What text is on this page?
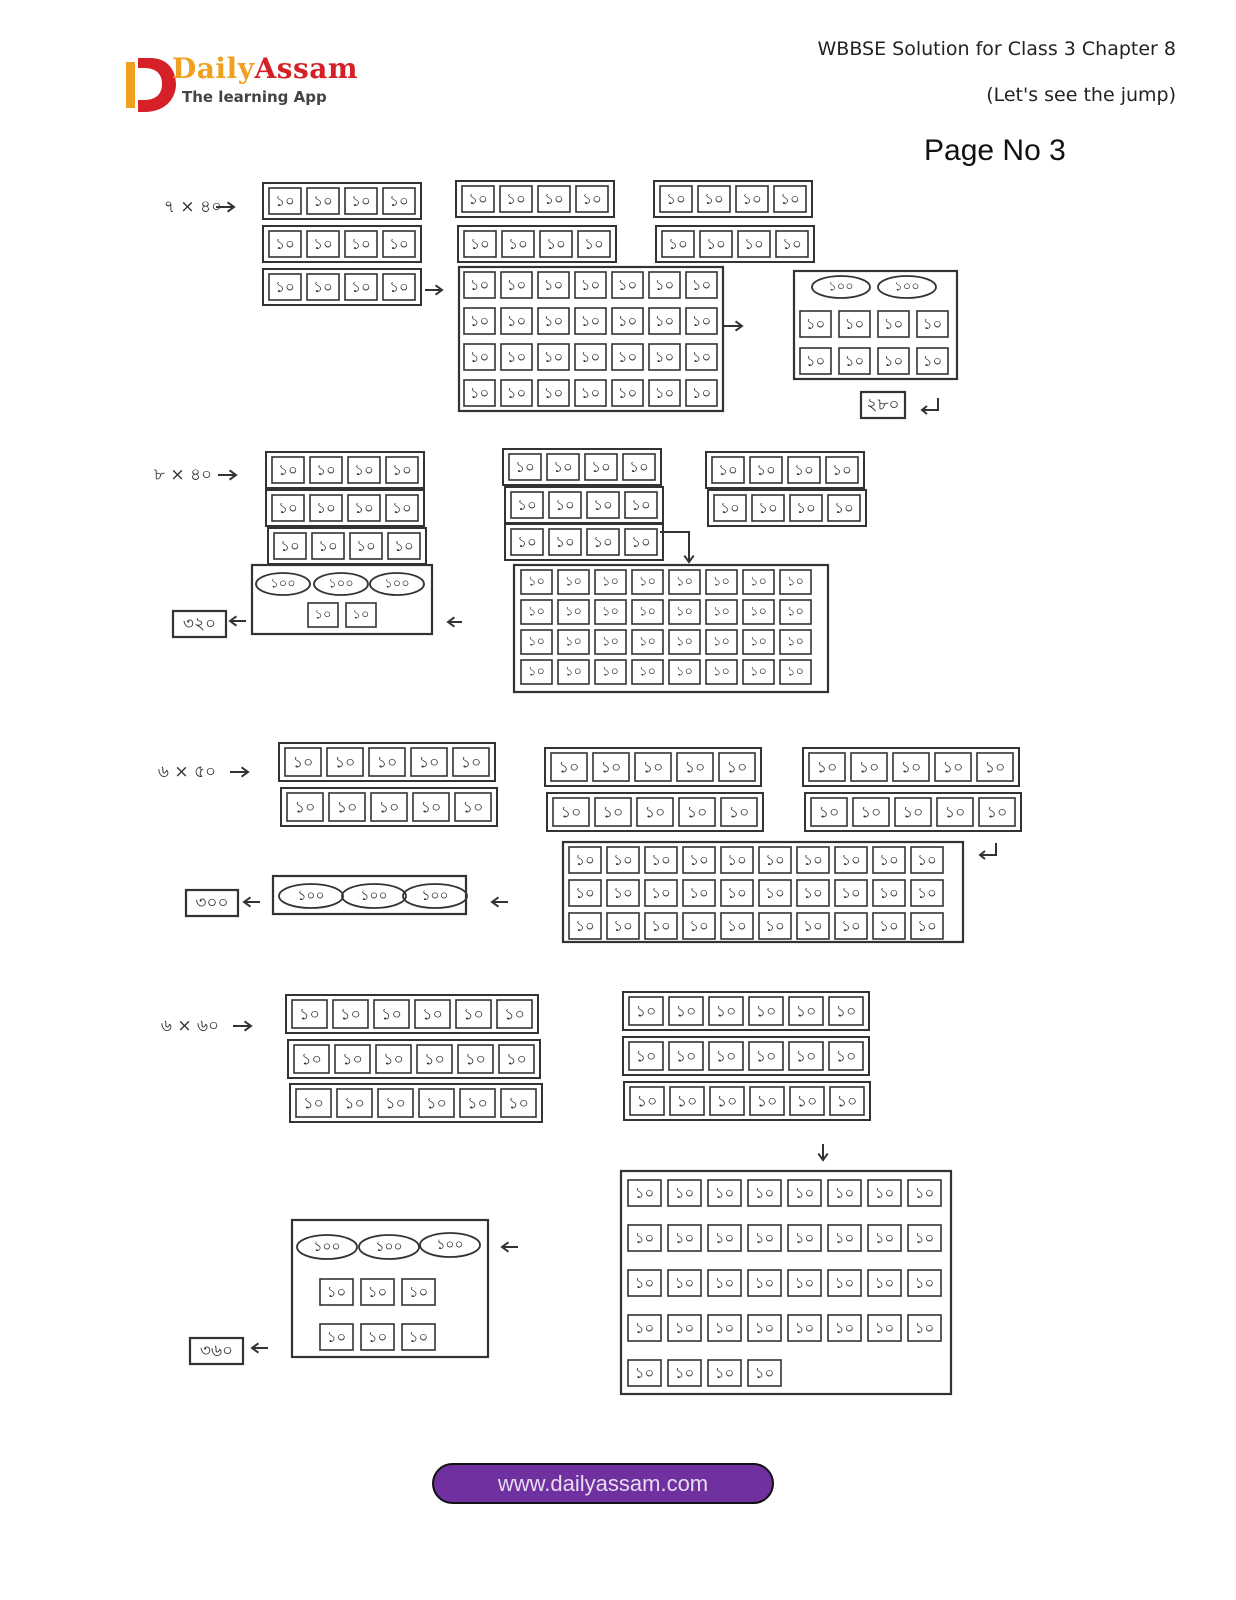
DailyAssam
The learning App
WBBSE Solution for Class 3 Chapter 8
(Let's see the jump)
Page No 3
৭ × ৪০	১০ ১০ ১০ ১০
১০ ১০ ১০ ১০
১০ ১০ ১০ ১০
১০ ১০ ১০ ১০
১০ ১০ ১০ ১০
১০ ১০ ১০ ১০
১০ ১০ ১০ ১০
১০ ১০ ১০ ১০ ১০ ১০ ১০
১০ ১০ ১০ ১০ ১০ ১০ ১০
১০ ১০ ১০ ১০ ১০ ১০ ১০
১০ ১০ ১০ ১০ ১০ ১০ ১০
১০০	১০০
১০ ১০ ১০ ১০
১০ ১০ ১০ ১০
২৮০
৮ × ৪০	১০ ১০ ১০ ১০
১০ ১০ ১০ ১০
১০ ১০ ১০ ১০
১০ ১০ ১০ ১০
১০ ১০ ১০ ১০
১০ ১০ ১০ ১০
১০ ১০ ১০ ১০
১০ ১০ ১০ ১০
১০ ১০ ১০ ১০ ১০ ১০ ১০ ১০
১০ ১০ ১০ ১০ ১০ ১০ ১০ ১০
১০ ১০ ১০ ১০ ১০ ১০ ১০ ১০
১০ ১০ ১০ ১০ ১০ ১০ ১০ ১০
১০০	১০০ ১০০
১০ ১০
৩২০
৬ × ৫০	১০ ১০ ১০ ১০ ১০
১০ ১০ ১০ ১০ ১০
১০ ১০ ১০ ১০ ১০
১০ ১০ ১০ ১০ ১০
১০ ১০ ১০ ১০ ১০
১০ ১০ ১০ ১০ ১০
১০ ১০ ১০ ১০ ১০ ১০ ১০ ১০ ১০ ১০
১০ ১০ ১০ ১০ ১০ ১০ ১০ ১০ ১০ ১০
১০ ১০ ১০ ১০ ১০ ১০ ১০ ১০ ১০ ১০
১০০	১০০ ১০০
৩০০
৬ × ৬০
১০ ১০ ১০ ১০ ১০ ১০
১০ ১০ ১০ ১০ ১০ ১০
১০ ১০ ১০ ১০ ১০ ১০
১০ ১০ ১০ ১০ ১০ ১০
১০ ১০ ১০ ১০ ১০ ১০
১০ ১০ ১০ ১০ ১০ ১০
১০ ১০ ১০ ১০ ১০ ১০ ১০ ১০
১০ ১০ ১০ ১০ ১০ ১০ ১০ ১০
১০ ১০ ১০ ১০ ১০ ১০ ১০ ১০
১০ ১০ ১০ ১০ ১০ ১০ ১০ ১০
১০ ১০ ১০ ১০
১০০ ১০০ ১০০
১০ ১০ ১০
১০ ১০ ১০
৩৬০
www.dailyassam.com
